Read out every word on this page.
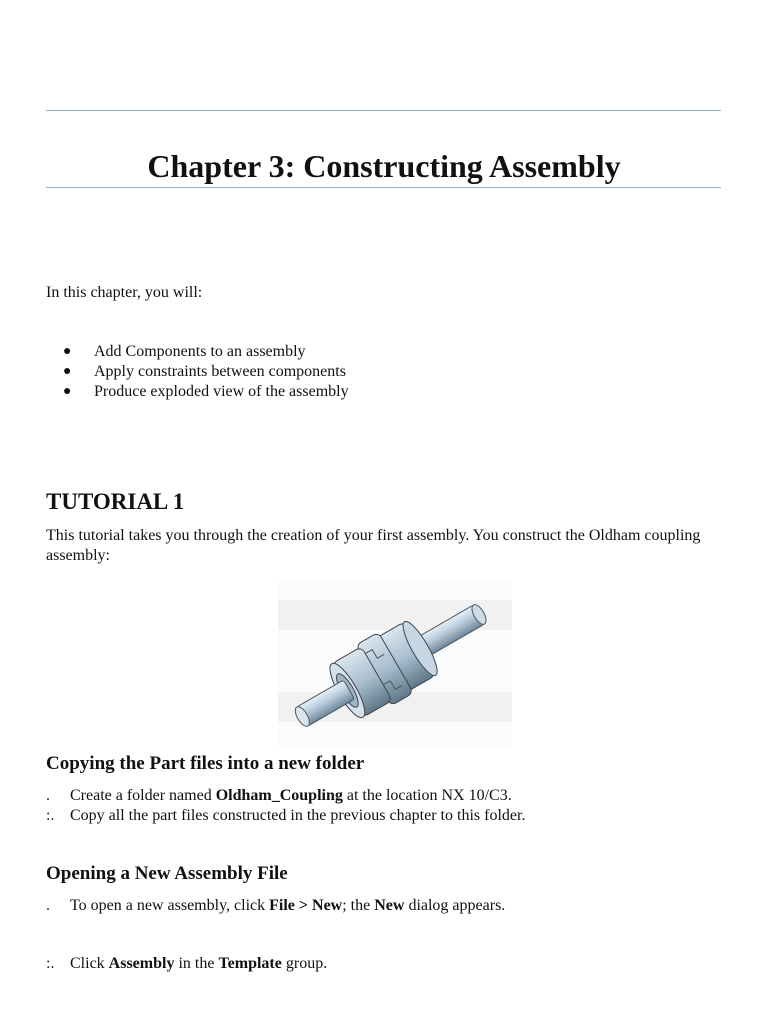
Chapter 3: Constructing Assembly

In this chapter, you will:

● Add Components to an assembly
● Apply constraints between components
● Produce exploded view of the assembly
TUTORIAL 1

This tutorial takes you through the creation of your first assembly. You construct the Oldham coupling assembly:

Copying the Part files into a new folder

. Create a folder named Oldham_Coupling at the location NX 10/C3.

:. Copy all the part files constructed in the previous chapter to this folder.

Opening a New Assembly File

. To open a new assembly, click File > New; the New dialog appears.

:. Click Assembly in the Template group.
